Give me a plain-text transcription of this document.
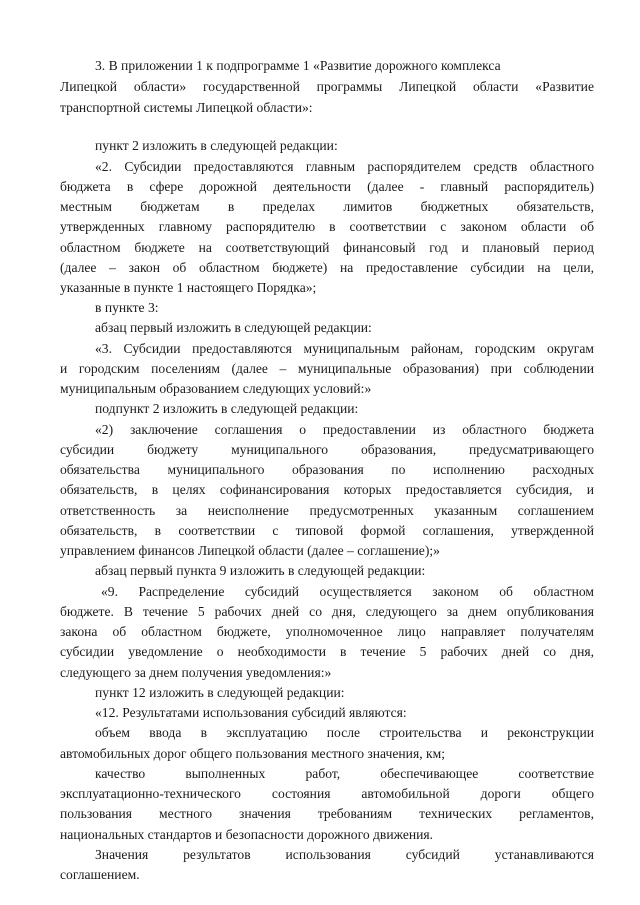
3. В приложении 1 к подпрограмме 1 «Развитие дорожного комплекса
Липецкой области» государственной программы Липецкой области «Развитие
транспортной системы Липецкой области»:
пункт 2 изложить в следующей редакции:
«2. Субсидии предоставляются главным распорядителем средств областного
бюджета в сфере дорожной деятельности (далее - главный распорядитель)
местным бюджетам в пределах лимитов бюджетных обязательств,
утвержденных главному распорядителю в соответствии с законом области об
областном бюджете на соответствующий финансовый год и плановый период
(далее – закон об областном бюджете) на предоставление субсидии на цели,
указанные в пункте 1 настоящего Порядка»;
в пункте 3:
абзац первый изложить в следующей редакции:
«3. Субсидии предоставляются муниципальным районам, городским округам
и городским поселениям (далее – муниципальные образования) при соблюдении
муниципальным образованием следующих условий:»
подпункт 2 изложить в следующей редакции:
«2) заключение соглашения о предоставлении из областного бюджета
субсидии бюджету муниципального образования, предусматривающего
обязательства муниципального образования по исполнению расходных
обязательств, в целях софинансирования которых предоставляется субсидия, и
ответственность за неисполнение предусмотренных указанным соглашением
обязательств, в соответствии с типовой формой соглашения, утвержденной
управлением финансов Липецкой области (далее – соглашение);»
абзац первый пункта 9 изложить в следующей редакции:
«9. Распределение субсидий осуществляется законом об областном
бюджете. В течение 5 рабочих дней со дня, следующего за днем опубликования
закона об областном бюджете, уполномоченное лицо направляет получателям
субсидии уведомление о необходимости в течение 5 рабочих дней со дня,
следующего за днем получения уведомления:»
пункт 12 изложить в следующей редакции:
«12. Результатами использования субсидий являются:
объем ввода в эксплуатацию после строительства и реконструкции
автомобильных дорог общего пользования местного значения, км;
качество выполненных работ, обеспечивающее соответствие
эксплуатационно-технического состояния автомобильной дороги общего
пользования местного значения требованиям технических регламентов,
национальных стандартов и безопасности дорожного движения.
Значения результатов использования субсидий устанавливаются
соглашением.
